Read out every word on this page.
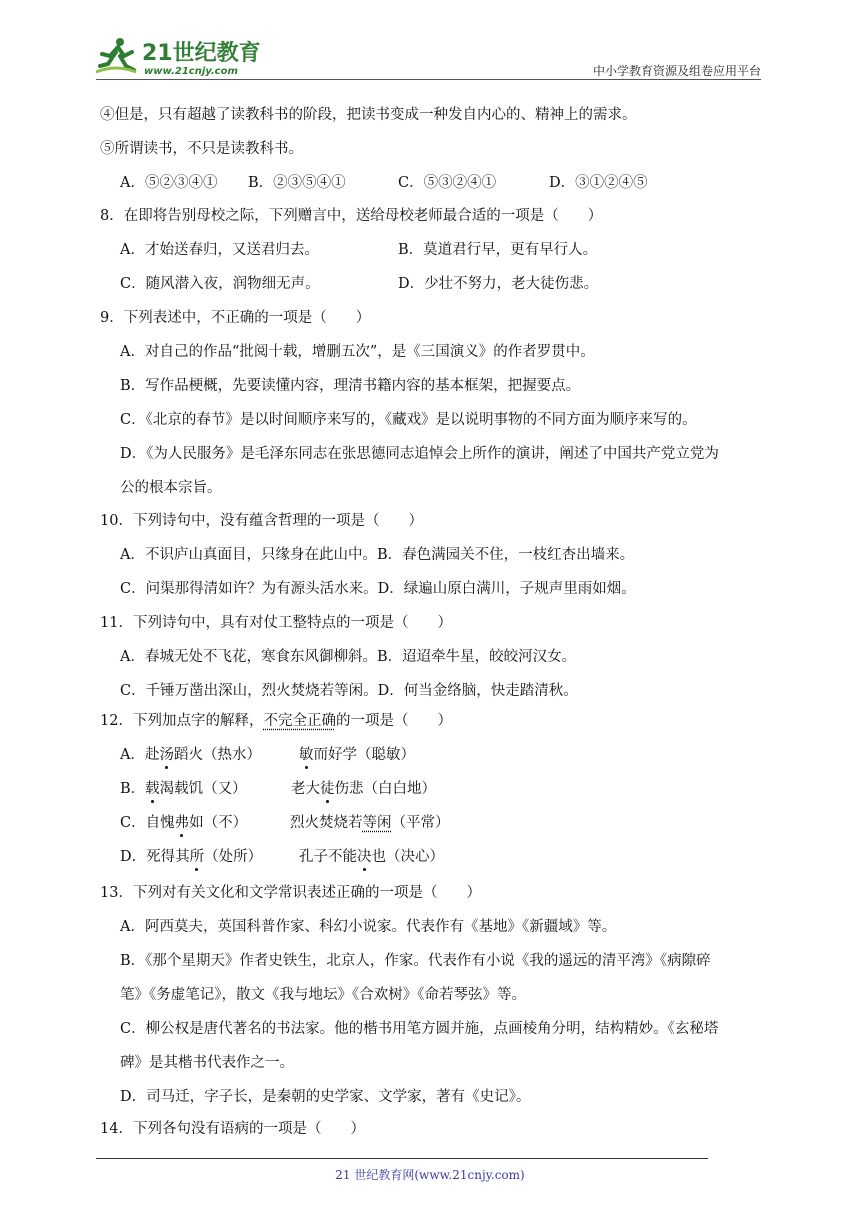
21世纪教育
www.21cnjy.com	中小学教育资源及组卷应用平台
④但是，只有超越了读教科书的阶段，把读书变成一种发自内心的、精神上的需求。
⑤所谓读书，不只是读教科书。
A．⑤②③④① B．②③⑤④①	C．⑤③②④①	D．③①②④⑤
8．在即将告别母校之际，下列赠言中，送给母校老师最合适的一项是（　　）
A．才始送春归，又送君归去。	B．莫道君行早，更有早行人。
C．随风潜入夜，润物细无声。	D．少壮不努力，老大徒伤悲。
9．下列表述中，不正确的一项是（　　）
A．对自己的作品“批阅十载，增删五次”，是《三国演义》的作者罗贯中。
B．写作品梗概，先要读懂内容，理清书籍内容的基本框架，把握要点。
C．《北京的春节》是以时间顺序来写的，《藏戏》是以说明事物的不同方面为顺序来写的。
D．《为人民服务》是毛泽东同志在张思德同志追悼会上所作的演讲，阐述了中国共产党立党为
公的根本宗旨。
10．下列诗句中，没有蕴含哲理的一项是（　　）
A．不识庐山真面目，只缘身在此山中。B．春色满园关不住，一枝红杏出墙来。
C．问渠那得清如许？为有源头活水来。D．绿遍山原白满川，子规声里雨如烟。
11．下列诗句中，具有对仗工整特点的一项是（　　）
A．春城无处不飞花，寒食东风御柳斜。B．迢迢牵牛星，皎皎河汉女。
C．千锤万凿出深山，烈火焚烧若等闲。D．何当金络脑，快走踏清秋。
12．下列加点字的解释，不完全正确的一项是（　　）
A．赴汤蹈火（热水）	敏而好学（聪敏）
B．载渴载饥（又）	老大徒伤悲（白白地）
C．自愧弗如（不）	烈火焚烧若等闲（平常）
D．死得其所（处所）	孔子不能决也（决心）
13．下列对有关文化和文学常识表述正确的一项是（　　）
A．阿西莫夫，英国科普作家、科幻小说家。代表作有《基地》《新疆域》等。
B．《那个星期天》作者史铁生，北京人，作家。代表作有小说《我的遥远的清平湾》《病隙碎
笔》《务虚笔记》，散文《我与地坛》《合欢树》《命若琴弦》等。
C．柳公权是唐代著名的书法家。他的楷书用笔方圆并施，点画棱角分明，结构精妙。《玄秘塔
碑》是其楷书代表作之一。
D．司马迁，字子长，是秦朝的史学家、文学家，著有《史记》。
14．下列各句没有语病的一项是（　　）
21 世纪教育网(www.21cnjy.com)
